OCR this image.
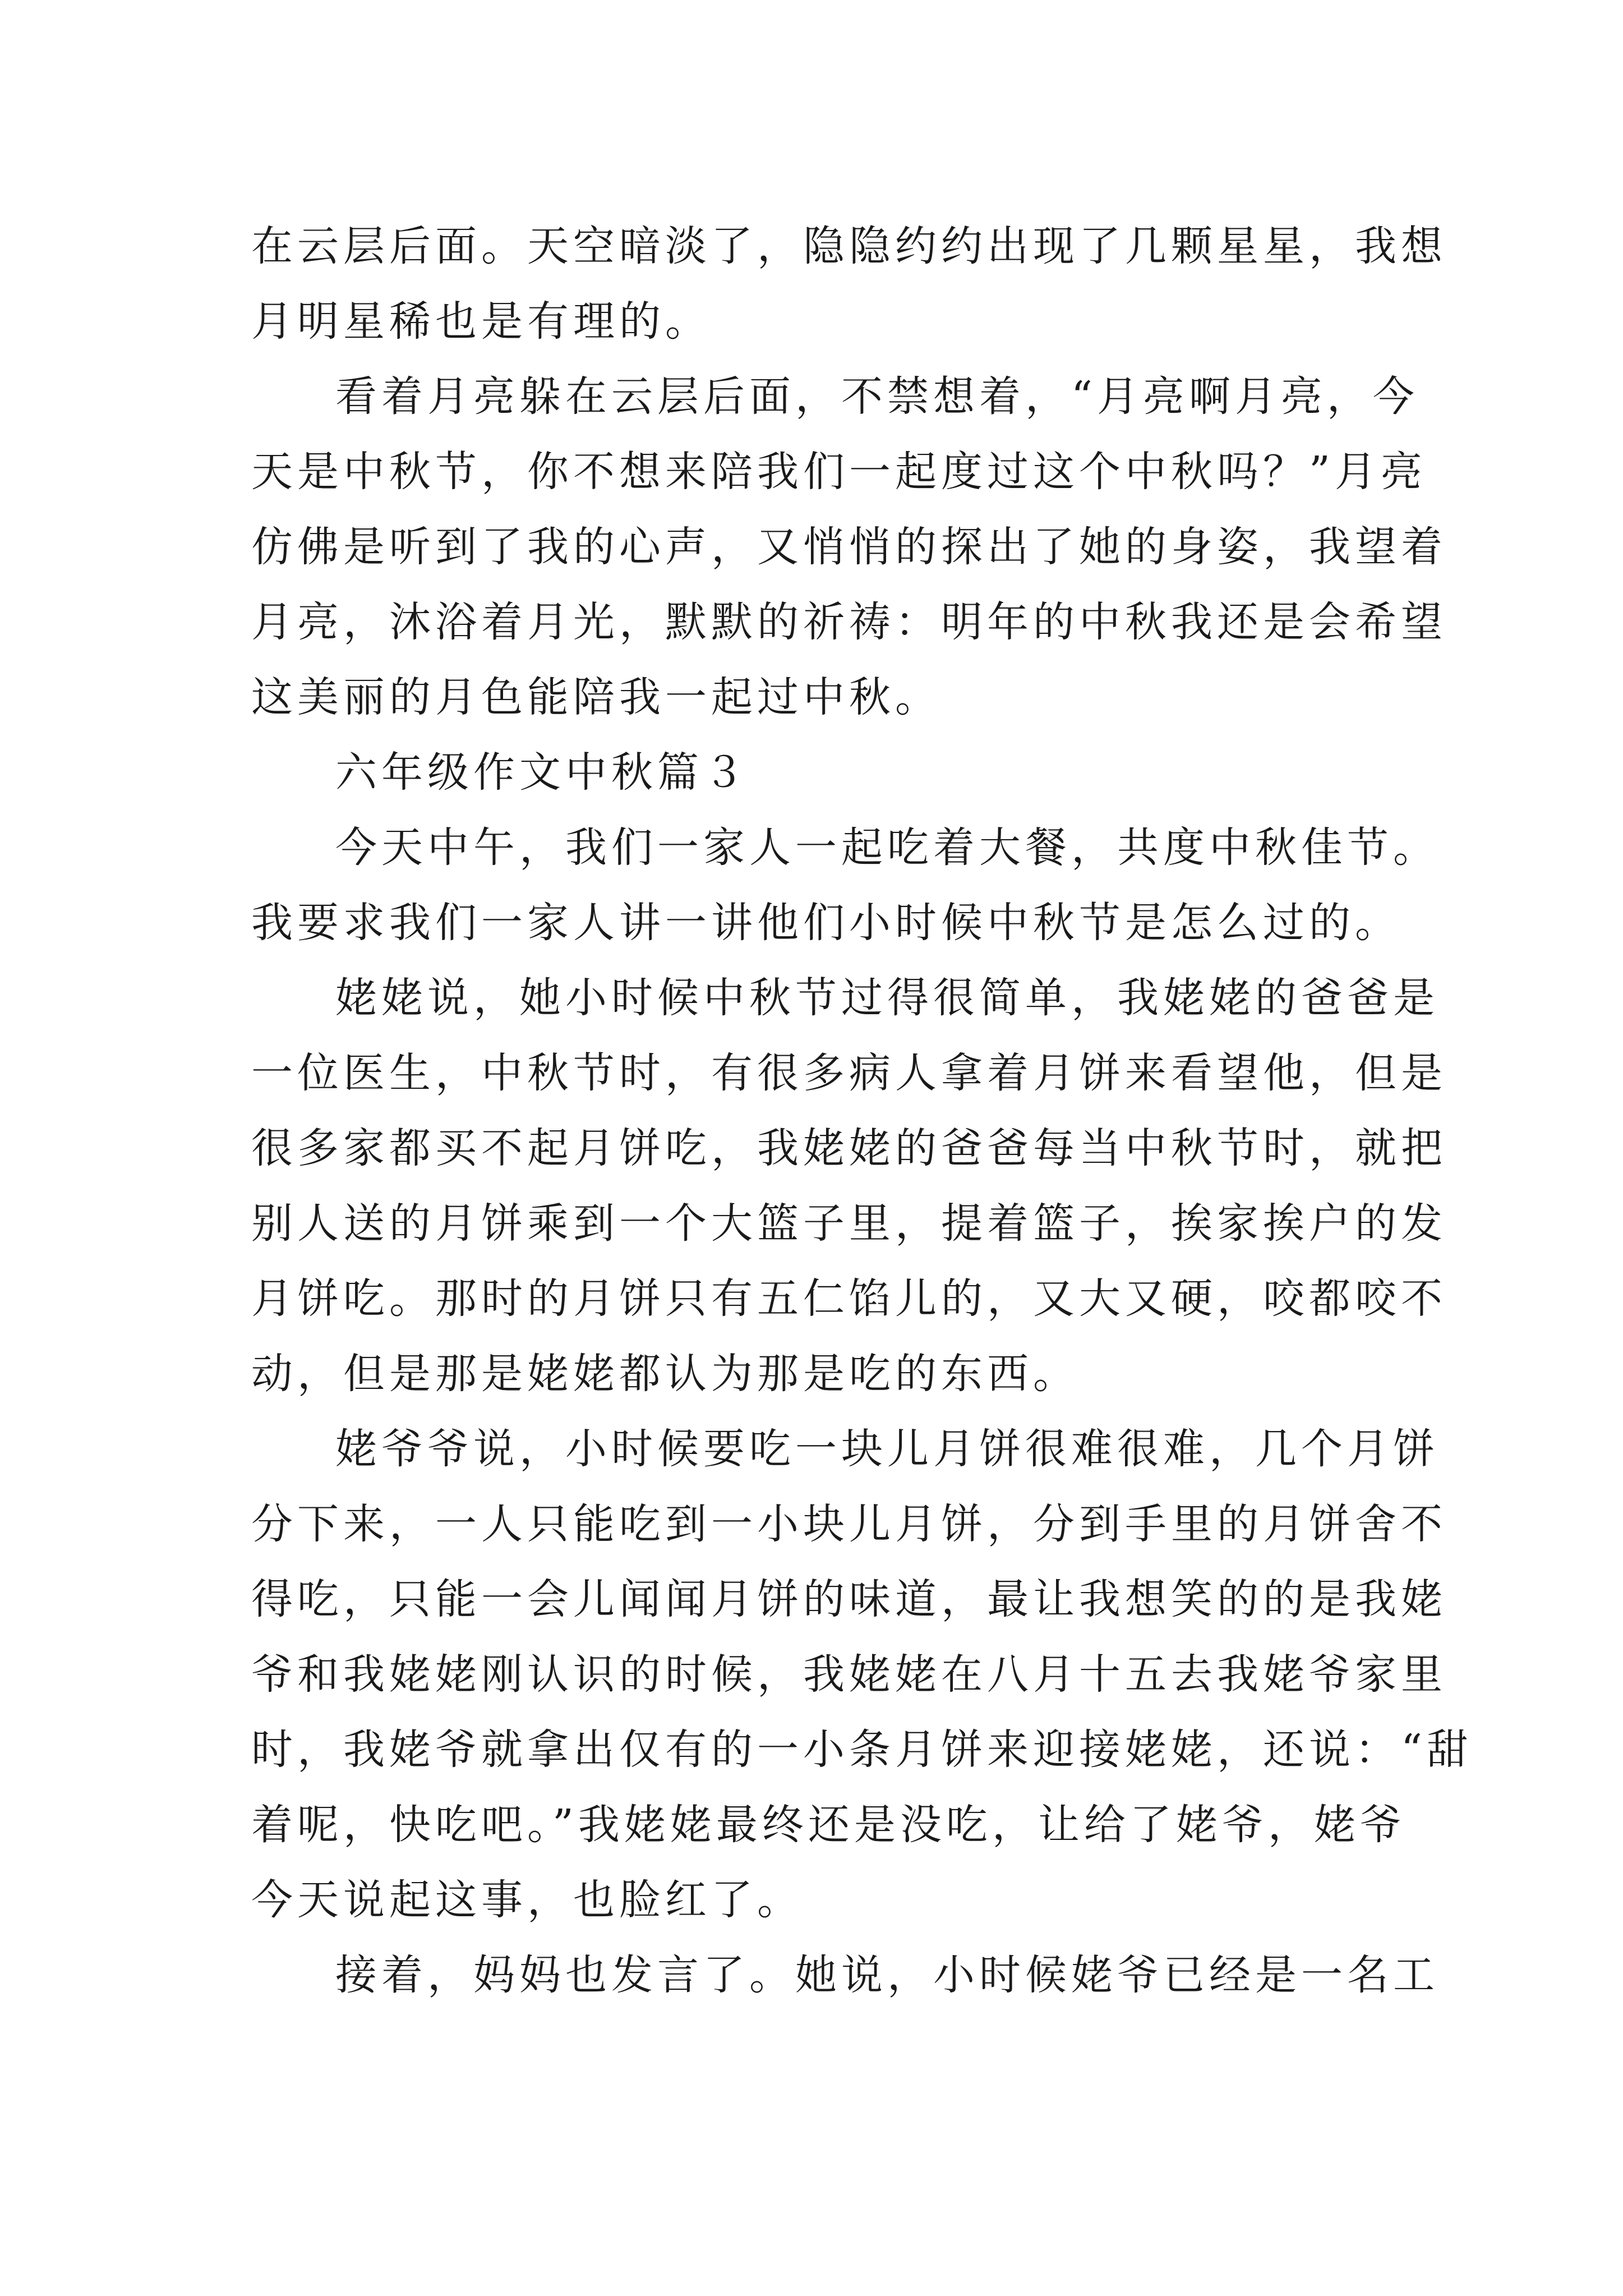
在云层后面。天空暗淡了，隐隐约约出现了几颗星星，我想
月明星稀也是有理的。
看着月亮躲在云层后面，不禁想着，“月亮啊月亮，今
天是中秋节，你不想来陪我们一起度过这个中秋吗？”月亮
仿佛是听到了我的心声，又悄悄的探出了她的身姿，我望着
月亮，沐浴着月光，默默的祈祷：明年的中秋我还是会希望
这美丽的月色能陪我一起过中秋。
六年级作文中秋篇３
今天中午，我们一家人一起吃着大餐，共度中秋佳节。
我要求我们一家人讲一讲他们小时候中秋节是怎么过的。
姥姥说，她小时候中秋节过得很简单，我姥姥的爸爸是
一位医生，中秋节时，有很多病人拿着月饼来看望他，但是
很多家都买不起月饼吃，我姥姥的爸爸每当中秋节时，就把
别人送的月饼乘到一个大篮子里，提着篮子，挨家挨户的发
月饼吃。那时的月饼只有五仁馅儿的，又大又硬，咬都咬不
动，但是那是姥姥都认为那是吃的东西。
姥爷爷说，小时候要吃一块儿月饼很难很难，几个月饼
分下来，一人只能吃到一小块儿月饼，分到手里的月饼舍不
得吃，只能一会儿闻闻月饼的味道，最让我想笑的的是我姥
爷和我姥姥刚认识的时候，我姥姥在八月十五去我姥爷家里
时，我姥爷就拿出仅有的一小条月饼来迎接姥姥，还说：“甜
着呢，快吃吧。”我姥姥最终还是没吃，让给了姥爷，姥爷
今天说起这事，也脸红了。
接着，妈妈也发言了。她说，小时候姥爷已经是一名工
